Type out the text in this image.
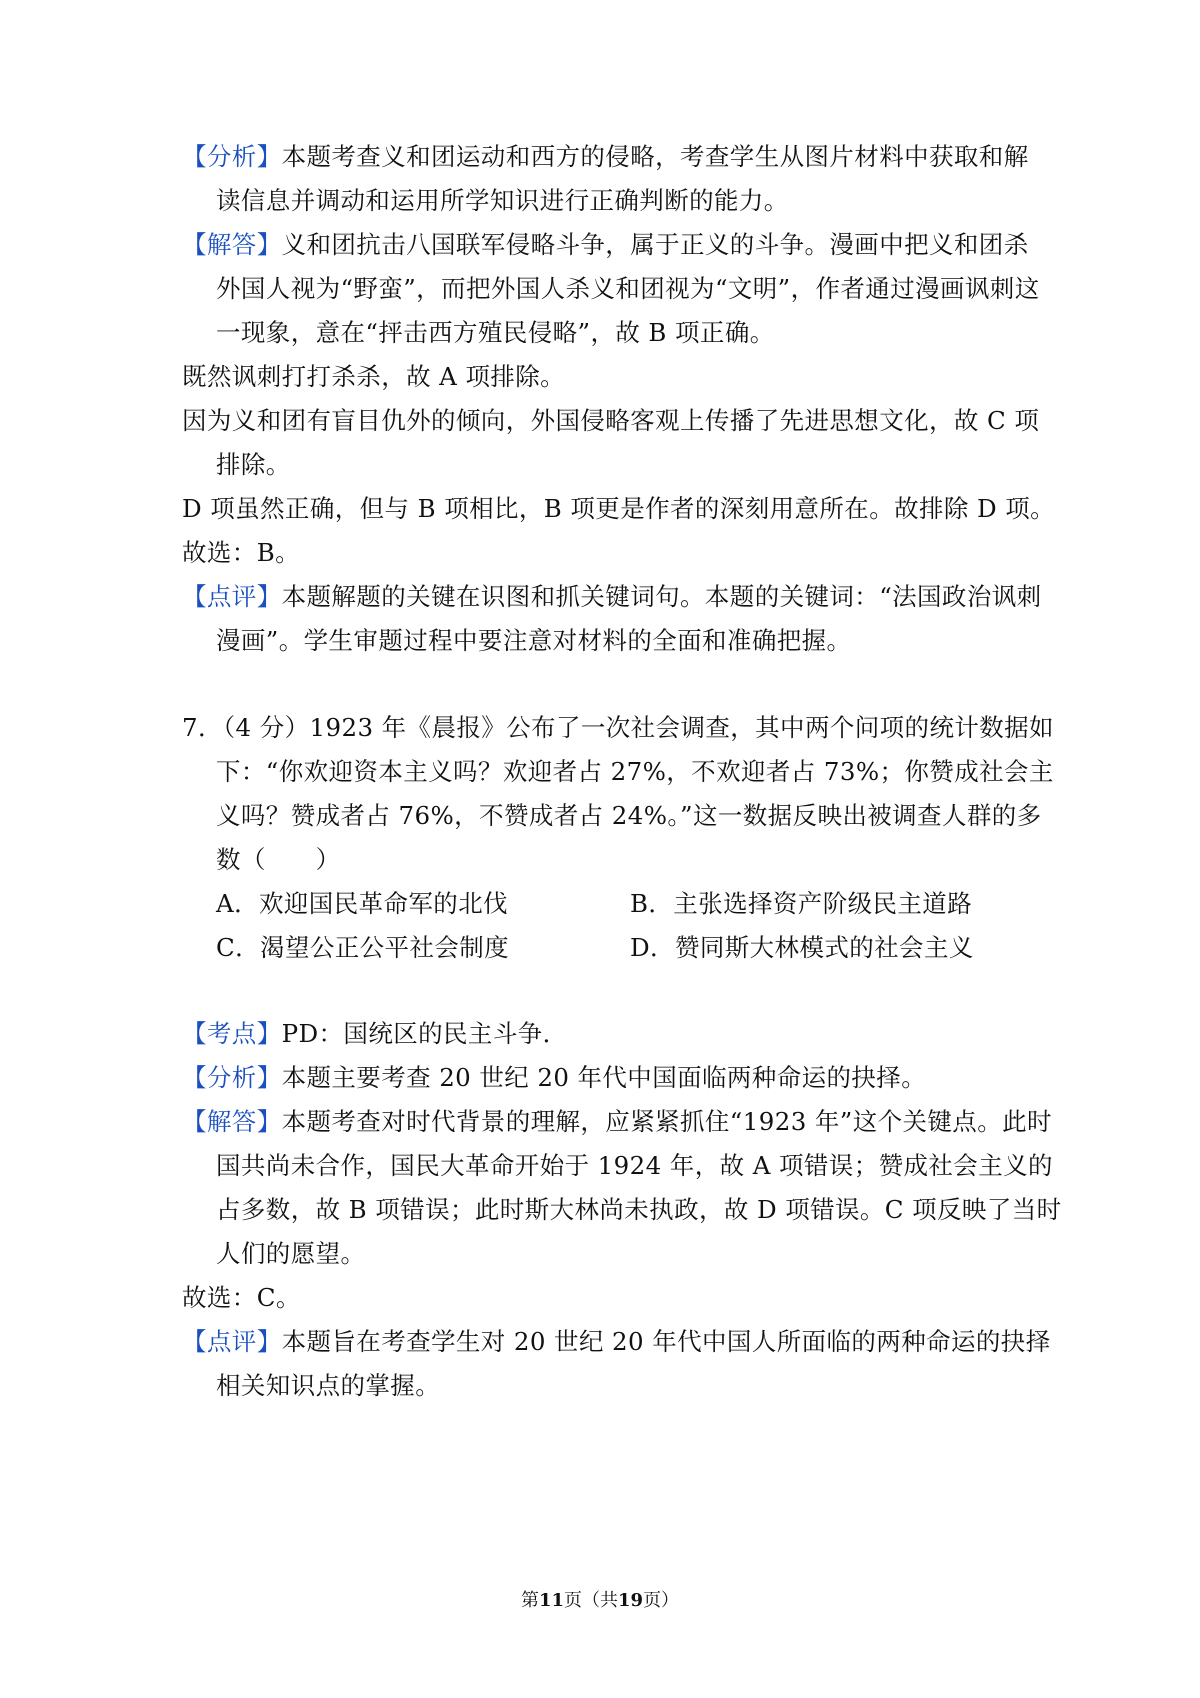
【分析】本题考查义和团运动和西方的侵略，考查学生从图片材料中获取和解
读信息并调动和运用所学知识进行正确判断的能力。
【解答】义和团抗击八国联军侵略斗争，属于正义的斗争。漫画中把义和团杀
外国人视为“野蛮”，而把外国人杀义和团视为“文明”，作者通过漫画讽刺这
一现象，意在“抨击西方殖民侵略”，故 B 项正确。
既然讽刺打打杀杀，故 A 项排除。
因为义和团有盲目仇外的倾向，外国侵略客观上传播了先进思想文化，故 C 项
排除。
D 项虽然正确，但与 B 项相比，B 项更是作者的深刻用意所在。故排除 D 项。
故选：B。
【点评】本题解题的关键在识图和抓关键词句。本题的关键词：“法国政治讽刺
漫画”。学生审题过程中要注意对材料的全面和准确把握。
7．（4 分）1923 年《晨报》公布了一次社会调查，其中两个问项的统计数据如
下：“你欢迎资本主义吗？欢迎者占 27%，不欢迎者占 73%；你赞成社会主
义吗？赞成者占 76%，不赞成者占 24%。”这一数据反映出被调查人群的多
数（　　）
A．欢迎国民革命军的北伐	B．主张选择资产阶级民主道路
C．渴望公正公平社会制度	D．赞同斯大林模式的社会主义
【考点】PD：国统区的民主斗争．
【分析】本题主要考查 20 世纪 20 年代中国面临两种命运的抉择。
【解答】本题考查对时代背景的理解，应紧紧抓住“1923 年”这个关键点。此时
国共尚未合作，国民大革命开始于 1924 年，故 A 项错误；赞成社会主义的
占多数，故 B 项错误；此时斯大林尚未执政，故 D 项错误。C 项反映了当时
人们的愿望。
故选：C。
【点评】本题旨在考查学生对 20 世纪 20 年代中国人所面临的两种命运的抉择
相关知识点的掌握。
第11页（共19页）
